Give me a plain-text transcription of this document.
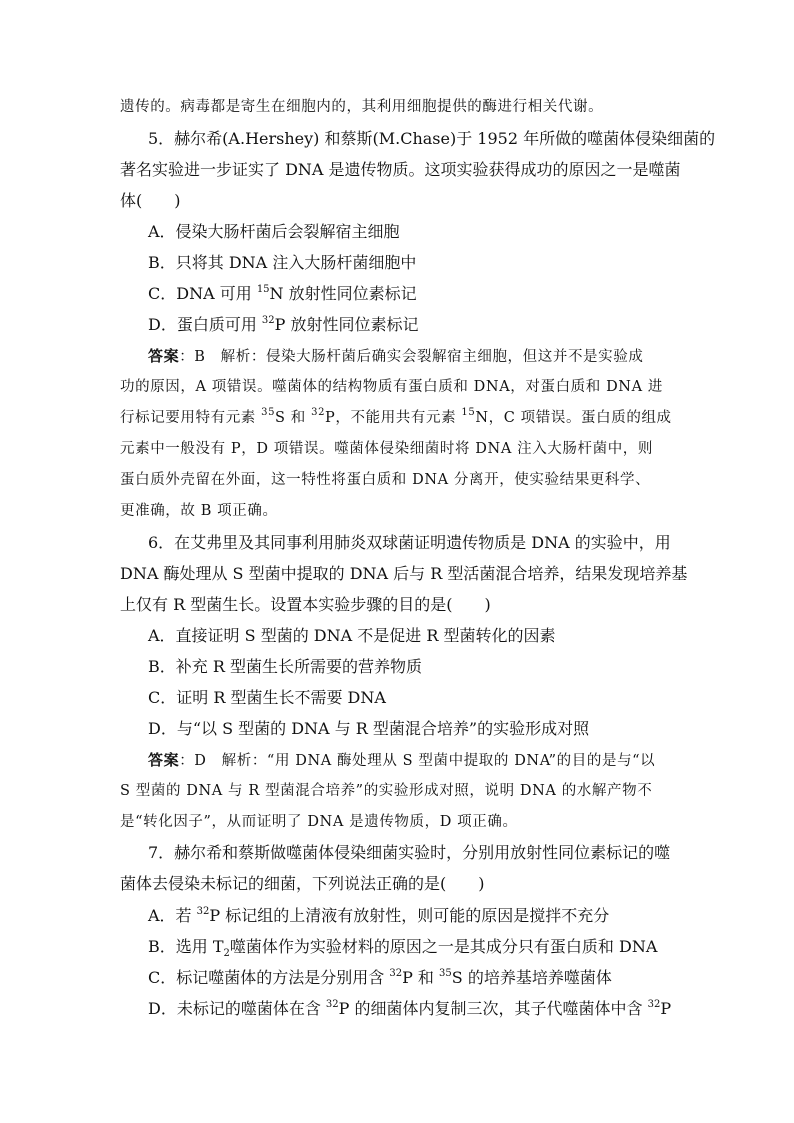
遗传的。病毒都是寄生在细胞内的，其利用细胞提供的酶进行相关代谢。
5．赫尔希(A.Hershey) 和蔡斯(M.Chase)于 1952 年所做的噬菌体侵染细菌的
著名实验进一步证实了 DNA 是遗传物质。这项实验获得成功的原因之一是噬菌
体(　　)
A．侵染大肠杆菌后会裂解宿主细胞
B．只将其 DNA 注入大肠杆菌细胞中
C．DNA 可用 $^{15}$N 放射性同位素标记
D．蛋白质可用 $^{32}$P 放射性同位素标记
答案：B　解析：侵染大肠杆菌后确实会裂解宿主细胞，但这并不是实验成
功的原因，A 项错误。噬菌体的结构物质有蛋白质和 DNA，对蛋白质和 DNA 进
行标记要用特有元素 $^{35}$S 和 $^{32}$P，不能用共有元素 $^{15}$N，C 项错误。蛋白质的组成
元素中一般没有 P，D 项错误。噬菌体侵染细菌时将 DNA 注入大肠杆菌中，则
蛋白质外壳留在外面，这一特性将蛋白质和 DNA 分离开，使实验结果更科学、
更准确，故 B 项正确。
6．在艾弗里及其同事利用肺炎双球菌证明遗传物质是 DNA 的实验中，用
DNA 酶处理从 S 型菌中提取的 DNA 后与 R 型活菌混合培养，结果发现培养基
上仅有 R 型菌生长。设置本实验步骤的目的是(　　)
A．直接证明 S 型菌的 DNA 不是促进 R 型菌转化的因素
B．补充 R 型菌生长所需要的营养物质
C．证明 R 型菌生长不需要 DNA
D．与“以 S 型菌的 DNA 与 R 型菌混合培养”的实验形成对照
答案：D　解析：“用 DNA 酶处理从 S 型菌中提取的 DNA”的目的是与“以
S 型菌的 DNA 与 R 型菌混合培养”的实验形成对照，说明 DNA 的水解产物不
是“转化因子”，从而证明了 DNA 是遗传物质，D 项正确。
7．赫尔希和蔡斯做噬菌体侵染细菌实验时，分别用放射性同位素标记的噬
菌体去侵染未标记的细菌，下列说法正确的是(　　)
A．若 $^{32}$P 标记组的上清液有放射性，则可能的原因是搅拌不充分
B．选用 $T_2$噬菌体作为实验材料的原因之一是其成分只有蛋白质和 DNA
C．标记噬菌体的方法是分别用含 $^{32}$P 和 $^{35}$S 的培养基培养噬菌体
D．未标记的噬菌体在含 $^{32}$P 的细菌体内复制三次，其子代噬菌体中含 $^{32}$P
